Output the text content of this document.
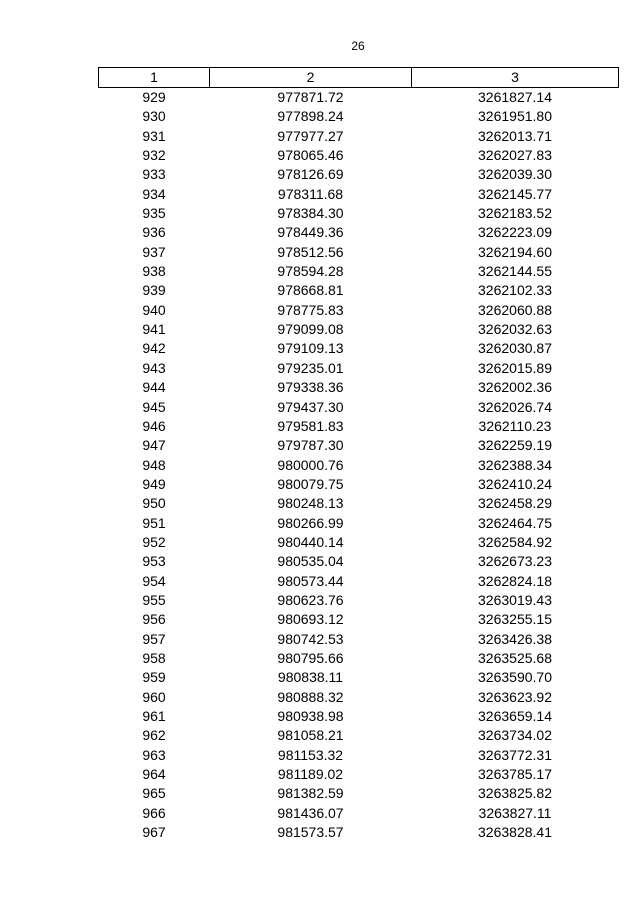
26
1	2	3
929	977871.72	3261827.14
930	977898.24	3261951.80
931	977977.27	3262013.71
932	978065.46	3262027.83
933	978126.69	3262039.30
934	978311.68	3262145.77
935	978384.30	3262183.52
936	978449.36	3262223.09
937	978512.56	3262194.60
938	978594.28	3262144.55
939	978668.81	3262102.33
940	978775.83	3262060.88
941	979099.08	3262032.63
942	979109.13	3262030.87
943	979235.01	3262015.89
944	979338.36	3262002.36
945	979437.30	3262026.74
946	979581.83	3262110.23
947	979787.30	3262259.19
948	980000.76	3262388.34
949	980079.75	3262410.24
950	980248.13	3262458.29
951	980266.99	3262464.75
952	980440.14	3262584.92
953	980535.04	3262673.23
954	980573.44	3262824.18
955	980623.76	3263019.43
956	980693.12	3263255.15
957	980742.53	3263426.38
958	980795.66	3263525.68
959	980838.11	3263590.70
960	980888.32	3263623.92
961	980938.98	3263659.14
962	981058.21	3263734.02
963	981153.32	3263772.31
964	981189.02	3263785.17
965	981382.59	3263825.82
966	981436.07	3263827.11
967	981573.57	3263828.41
